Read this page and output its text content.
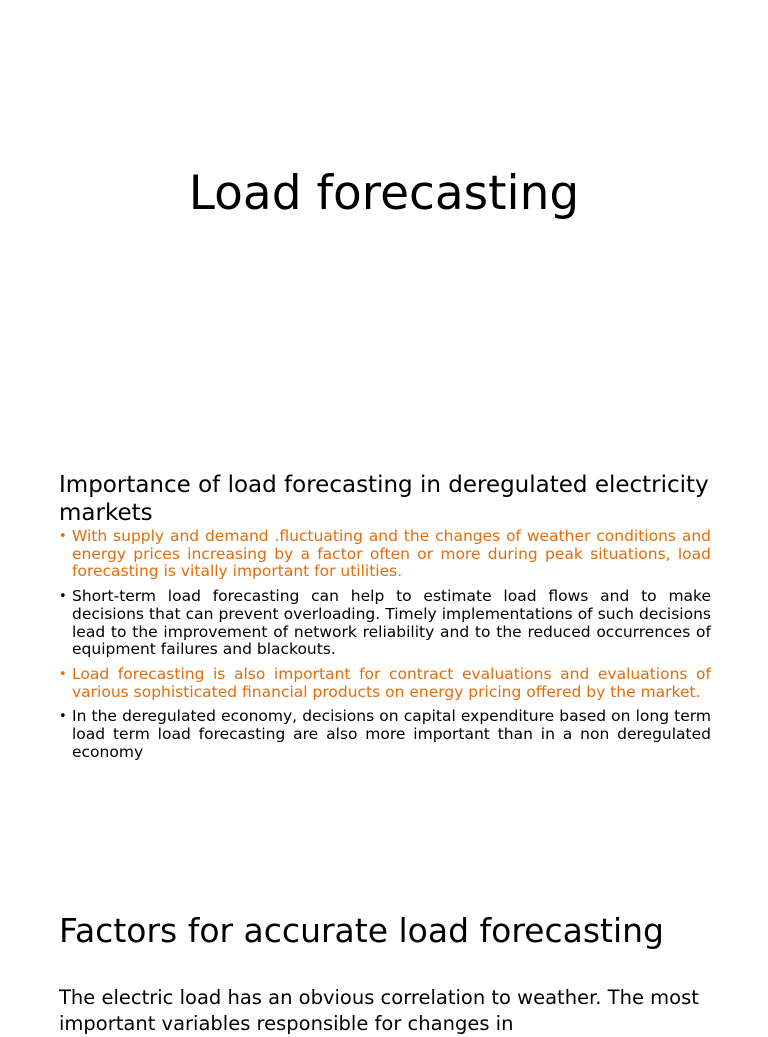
Load forecasting
Importance of load forecasting in deregulated electricity markets
• With supply and demand .fluctuating and the changes of weather conditions and energy prices increasing by a factor often or more during peak situations, load forecasting is vitally important for utilities.
• Short-term load forecasting can help to estimate load flows and to make decisions that can prevent overloading. Timely implementations of such decisions lead to the improvement of network reliability and to the reduced occurrences of equipment failures and blackouts.
• Load forecasting is also important for contract evaluations and evaluations of various sophisticated financial products on energy pricing offered by the market.
• In the deregulated economy, decisions on capital expenditure based on long term load term load forecasting are also more important than in a non deregulated economy
Factors for accurate load forecasting

The electric load has an obvious correlation to weather. The most important variables responsible for changes in
